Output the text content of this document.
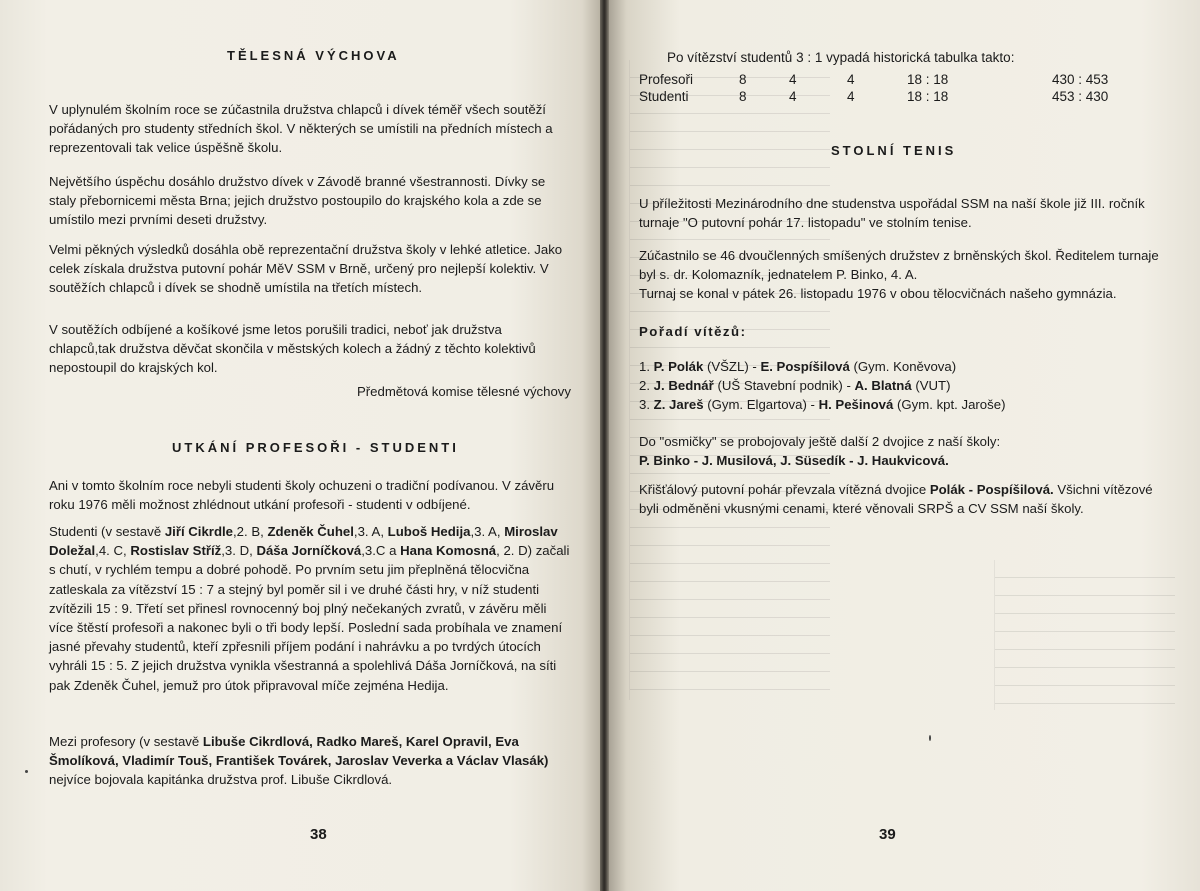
TĚLESNÁ VÝCHOVA

V uplynulém školním roce se zúčastnila družstva chlapců i dívek téměř všech soutěží pořádaných pro studenty středních škol. V některých se umístili na předních místech a reprezentovali tak velice úspěšně školu.

Největšího úspěchu dosáhlo družstvo dívek v Závodě branné všestrannosti. Dívky se staly přebornicemi města Brna; jejich družstvo postoupilo do krajského kola a zde se umístilo mezi prvními deseti družstvy.

Velmi pěkných výsledků dosáhla obě reprezentační družstva školy v lehké atletice. Jako celek získala družstva putovní pohár MěV SSM v Brně, určený pro nejlepší kolektiv. V soutěžích chlapců i dívek se shodně umístila na třetích místech.

V soutěžích odbíjené a košíkové jsme letos porušili tradici, neboť jak družstva chlapců,tak družstva děvčat skončila v městských kolech a žádný z těchto kolektivů nepostoupil do krajských kol.

Předmětová komise tělesné výchovy

UTKÁNÍ PROFESOŘI - STUDENTI

Ani v tomto školním roce nebyli studenti školy ochuzeni o tradiční podívanou. V závěru roku 1976 měli možnost zhlédnout utkání profesoři - studenti v odbíjené.

Studenti (v sestavě Jiří Cikrdle,2. B, Zdeněk Čuhel,3. A, Luboš Hedija,3. A, Miroslav Doležal,4. C, Rostislav Stříž,3. D, Dáša Jorníčková,3.C a Hana Komosná, 2. D) začali s chutí, v rychlém tempu a dobré pohodě. Po prvním setu jim přeplněná tělocvična zatleskala za vítězství 15 : 7 a stejný byl poměr sil i ve druhé části hry, v níž studenti zvítězili 15 : 9. Třetí set přinesl rovnocenný boj plný nečekaných zvratů, v závěru měli více štěstí profesoři a nakonec byli o tři body lepší. Poslední sada probíhala ve znamení jasné převahy studentů, kteří zpřesnili příjem podání i nahrávku a po tvrdých útocích vyhráli 15 : 5. Z jejich družstva vynikla všestranná a spolehlivá Dáša Jorníčková, na síti pak Zdeněk Čuhel, jemuž pro útok připravoval míče zejména Hedija.

Mezi profesory (v sestavě Libuše Cikrdlová, Radko Mareš, Karel Opravil, Eva Šmolíková, Vladimír Touš, František Továrek, Jaroslav Veverka a Václav Vlasák) nejvíce bojovala kapitánka družstva prof. Libuše Cikrdlová.

38

Po vítězství studentů 3 : 1 vypadá historická tabulka takto:

Profesoři	8	4	4	18 : 18	430 : 453
Studenti	8	4	4	18 : 18	453 : 430
STOLNÍ TENIS

U příležitosti Mezinárodního dne studenstva uspořádal SSM na naší škole již III. ročník turnaje "O putovní pohár 17. listopadu" ve stolním tenise.

Zúčastnilo se 46 dvoučlenných smíšených družstev z brněnských škol. Ředitelem turnaje byl s. dr. Kolomazník, jednatelem P. Binko, 4. A.

Turnaj se konal v pátek 26. listopadu 1976 v obou tělocvičnách našeho gymnázia.

Pořadí vítězů:

1. P. Polák (VŠZL) - E. Pospíšilová (Gym. Koněvova)

2. J. Bednář (UŠ Stavební podnik) - A. Blatná (VUT)

3. Z. Jareš (Gym. Elgartova) - H. Pešinová (Gym. kpt. Jaroše)

Do "osmičky" se probojovaly ještě další 2 dvojice z naší školy:
P. Binko - J. Musilová, J. Süsedík - J. Haukvicová.

Křišťálový putovní pohár převzala vítězná dvojice Polák - Pospíšilová. Všichni vítězové byli odměněni vkusnými cenami, které věnovali SRPŠ a CV SSM naší školy.

39
